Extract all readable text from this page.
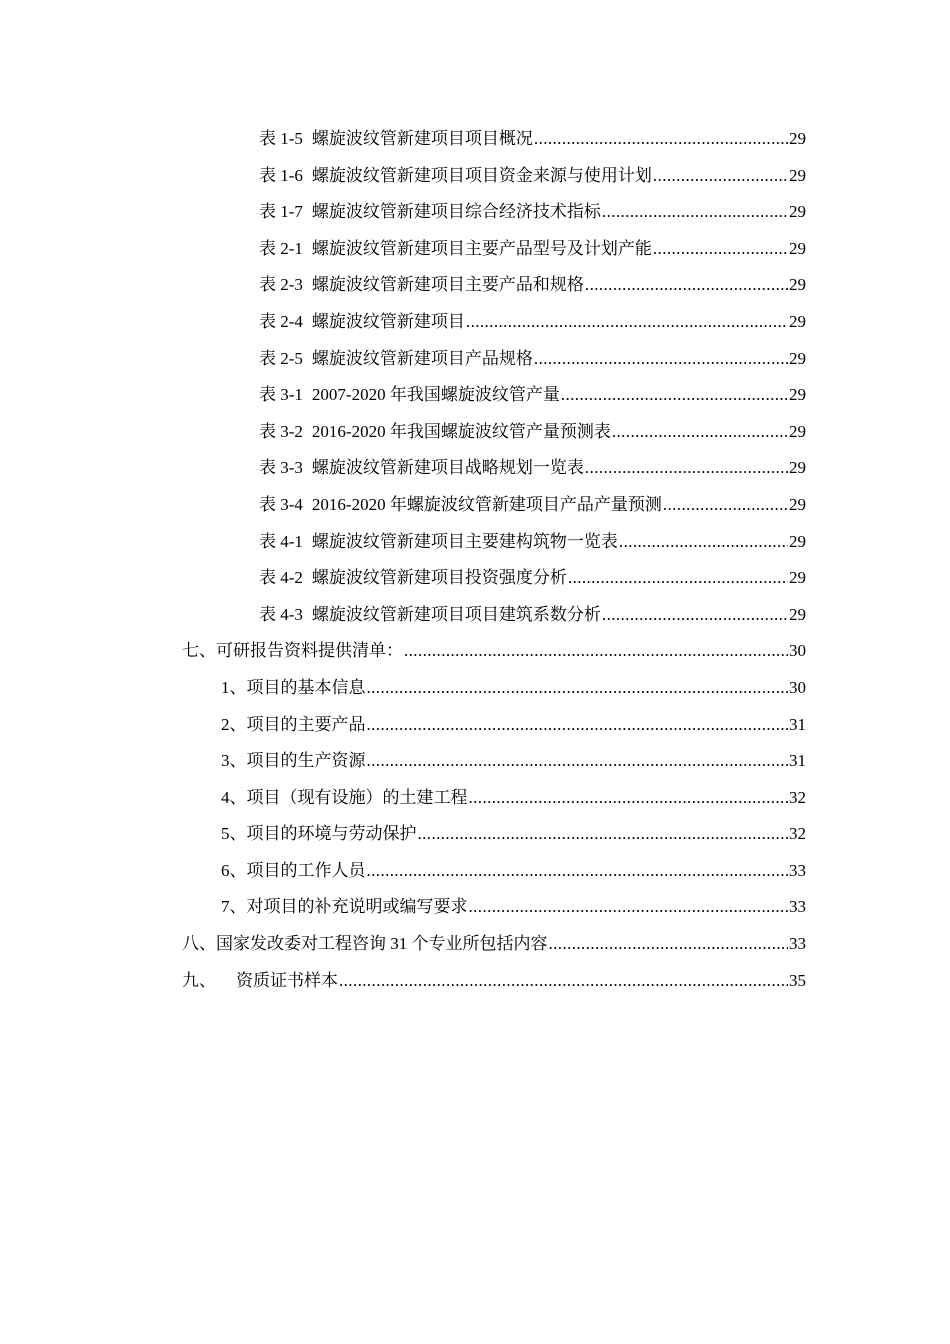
表 1-5 螺旋波纹管新建项目项目概况 .....	29
表 1-6 螺旋波纹管新建项目项目资金来源与使用计划 .....	29
表 1-7 螺旋波纹管新建项目综合经济技术指标 .....	29
表 2-1 螺旋波纹管新建项目主要产品型号及计划产能 .....	29
表 2-3 螺旋波纹管新建项目主要产品和规格 .....	29
表 2-4 螺旋波纹管新建项目 .....	29
表 2-5 螺旋波纹管新建项目产品规格 .....	29
表 3-1 2007-2020 年我国螺旋波纹管产量 .....	29
表 3-2 2016-2020 年我国螺旋波纹管产量预测表 .....	29
表 3-3 螺旋波纹管新建项目战略规划一览表 .....	29
表 3-4 2016-2020 年螺旋波纹管新建项目产品产量预测 .....	29
表 4-1 螺旋波纹管新建项目主要建构筑物一览表 .....	29
表 4-2 螺旋波纹管新建项目投资强度分析 .....	29
表 4-3 螺旋波纹管新建项目项目建筑系数分析 .....	29
七、可研报告资料提供清单： .....	30
1、项目的基本信息 .....	30
2、项目的主要产品 .....	31
3、项目的生产资源 .....	31
4、项目（现有设施）的土建工程 .....	32
5、项目的环境与劳动保护 .....	32
6、项目的工作人员 .....	33
7、对项目的补充说明或编写要求 .....	33
八、国家发改委对工程咨询 31 个专业所包括内容 .....	33
九、 资质证书样本 .....	35
